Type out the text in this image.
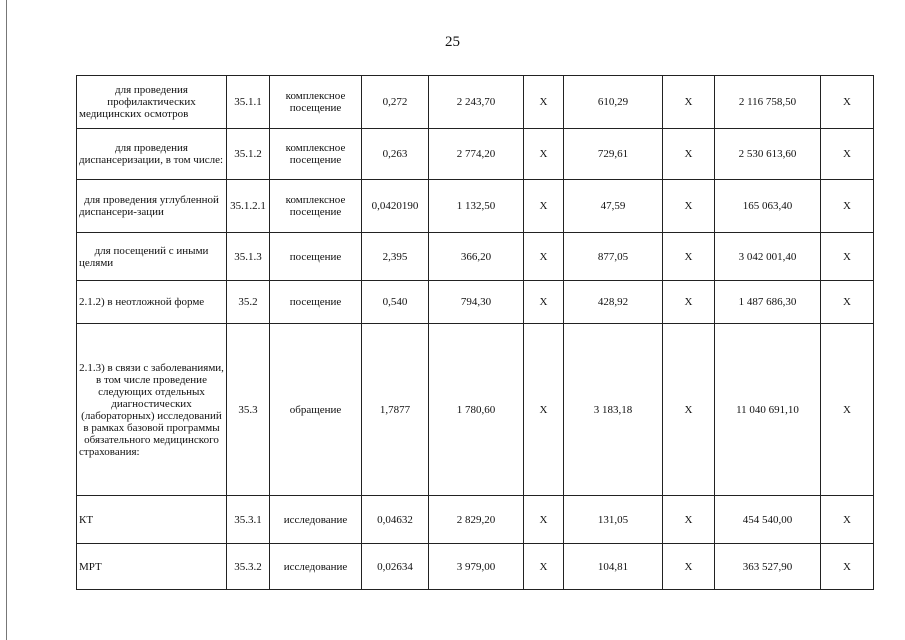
25
для проведения профилактических медицинских осмотров	35.1.1	комплексное посещение	0,272	2 243,70	X	610,29	X	2 116 758,50	X
для проведения диспансеризации, в том числе:	35.1.2	комплексное посещение	0,263	2 774,20	X	729,61	X	2 530 613,60	X
для проведения углубленной диспансери-зации	35.1.2.1	комплексное посещение	0,0420190	1 132,50	X	47,59	X	165 063,40	X
для посещений с иными целями	35.1.3	посещение	2,395	366,20	X	877,05	X	3 042 001,40	X
2.1.2) в неотложной форме	35.2	посещение	0,540	794,30	X	428,92	X	1 487 686,30	X
2.1.3) в связи с заболеваниями, в том числе проведение следующих отдельных диагностических (лабораторных) исследований в рамках базовой программы обязательного медицинского страхования:	35.3	обращение	1,7877	1 780,60	X	3 183,18	X	11 040 691,10	X
КТ	35.3.1	исследование	0,04632	2 829,20	X	131,05	X	454 540,00	X
МРТ	35.3.2	исследование	0,02634	3 979,00	X	104,81	X	363 527,90	X
